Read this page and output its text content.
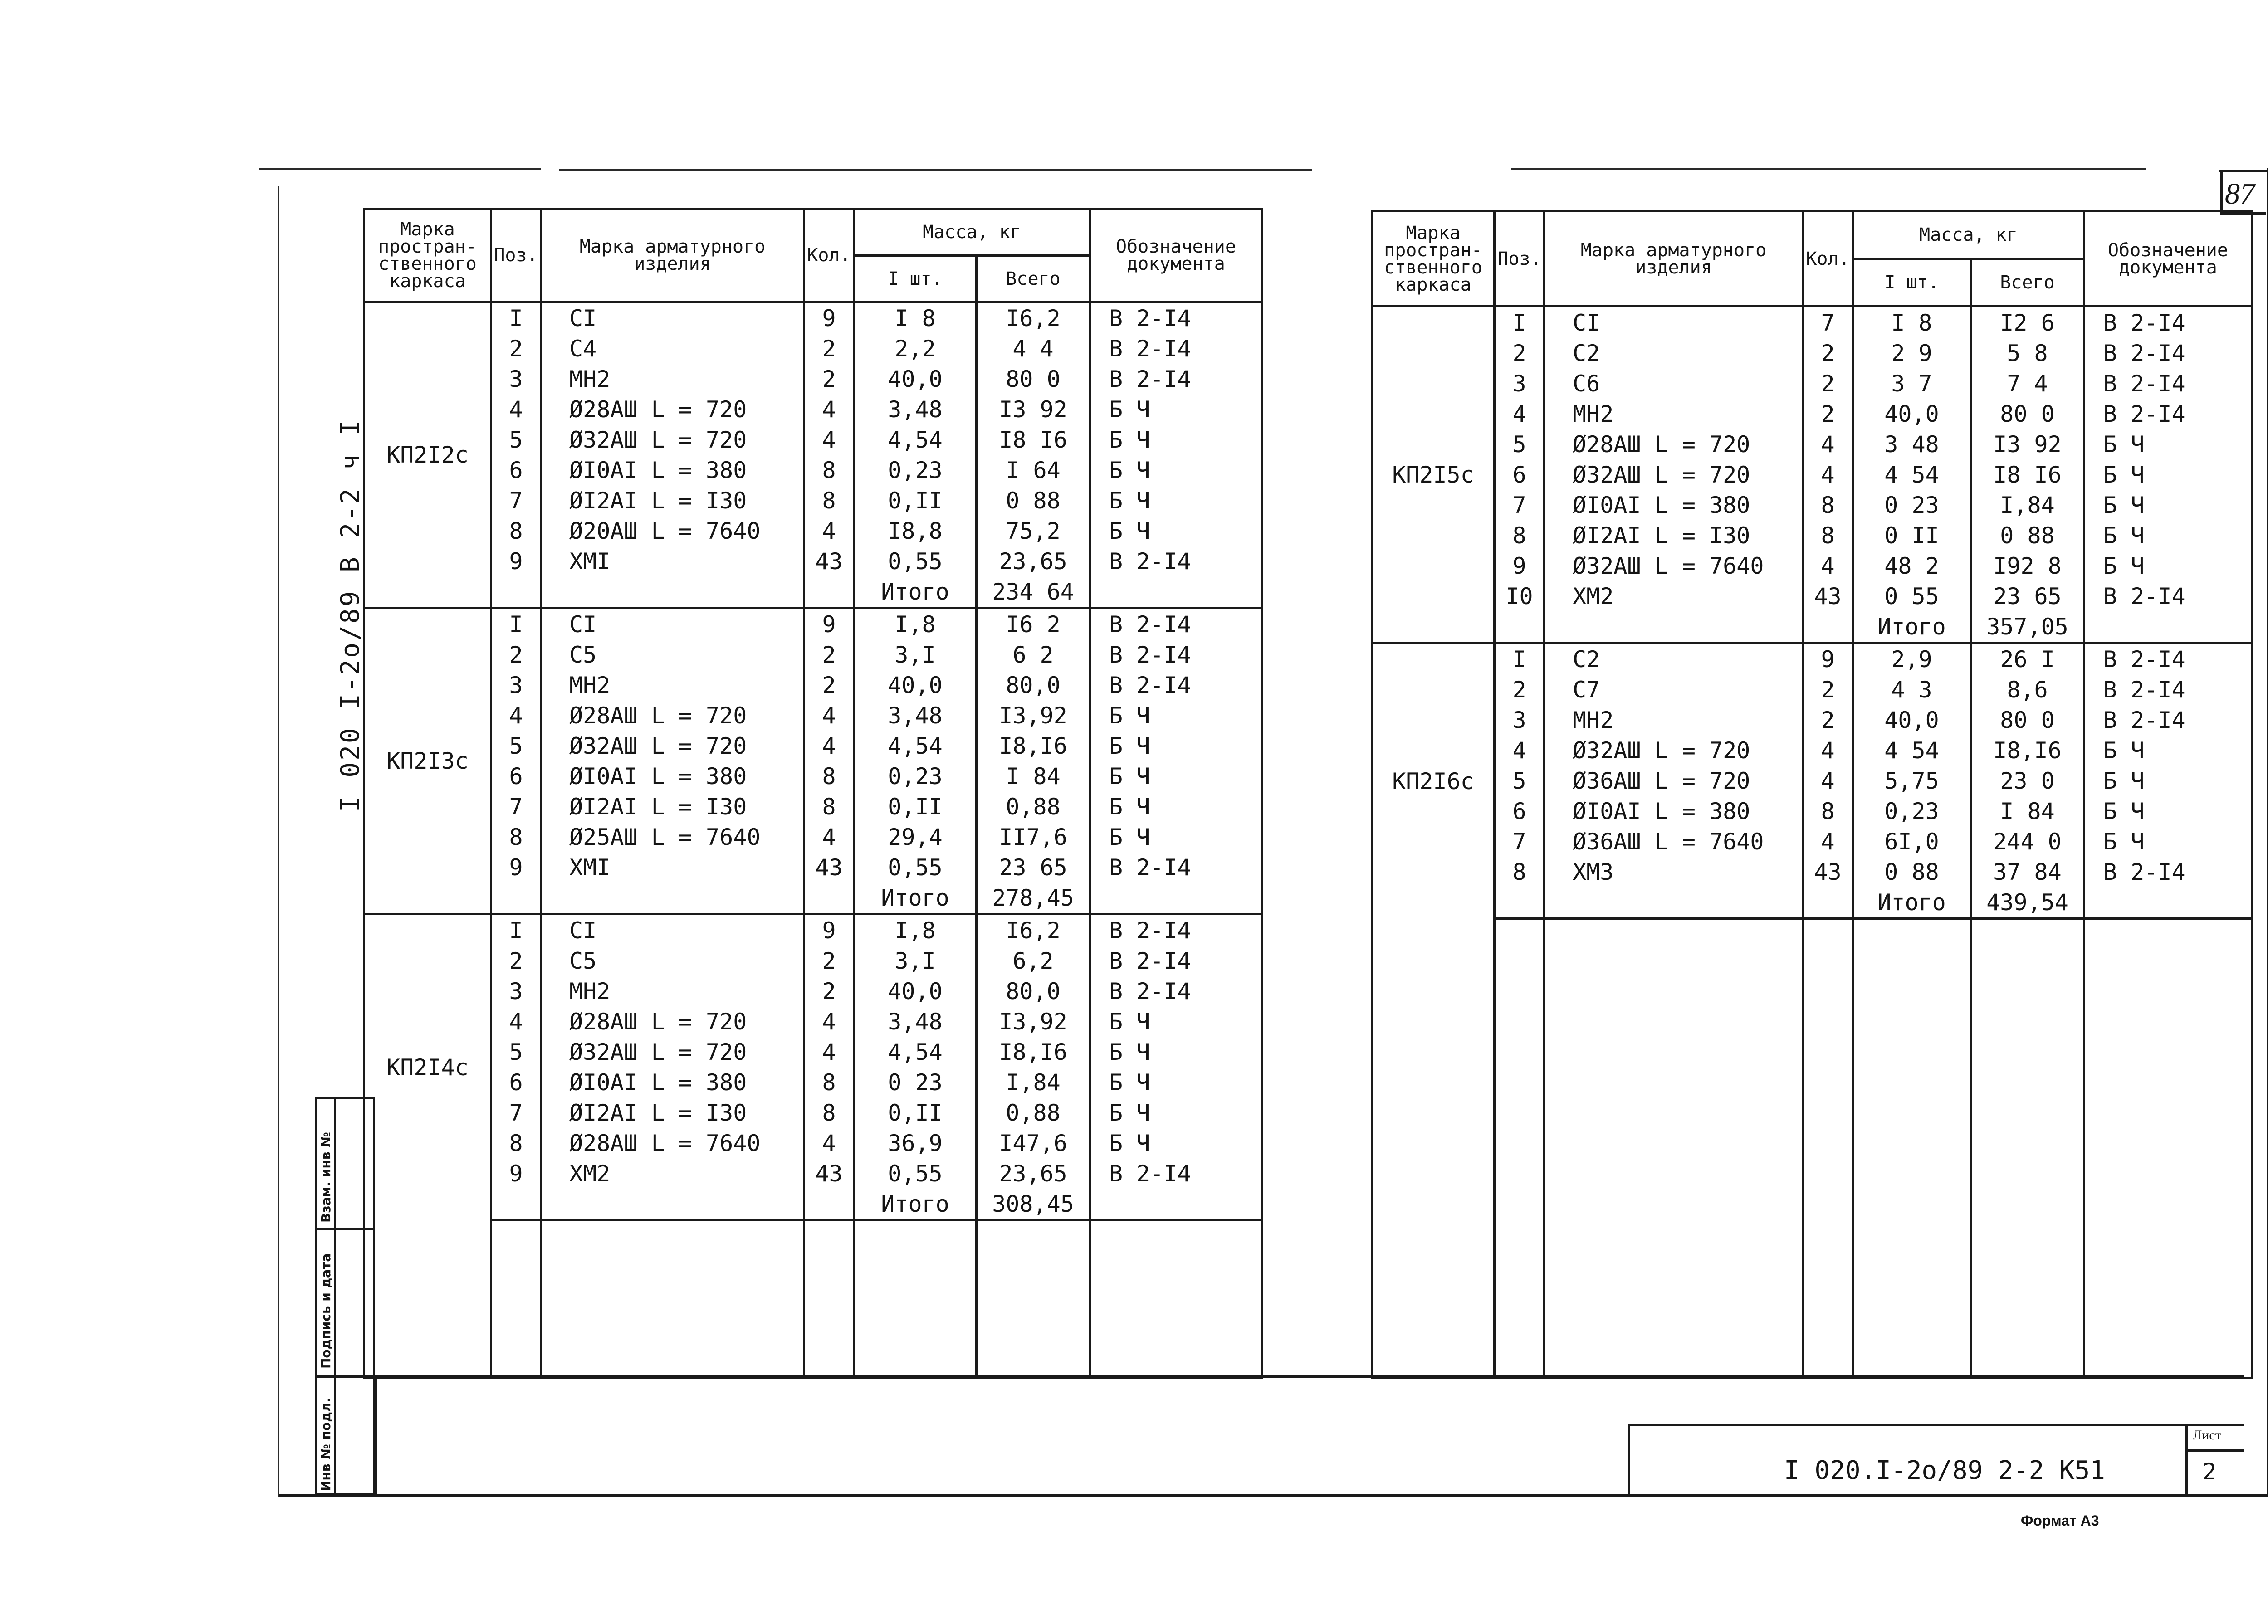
87
Марка простран-ственного каркаса	Поз.	Марка арматурного изделия	Кол.	Масса, кг		Обозначение документа
				I шт.	Всего	
КП2I2с	I	CI	9	I 8	I6,2	В 2-I4
	2	C4	2	2,2	4 4	В 2-I4
	3	МН2	2	40,0	80 0	В 2-I4
	4	Ø28АШ L = 720	4	3,48	I3 92	Б Ч
	5	Ø32АШ L = 720	4	4,54	I8 I6	Б Ч
	6	ØI0АI L = 380	8	0,23	I 64	Б Ч
	7	ØI2АI L = I30	8	0,II	0 88	Б Ч
	8	Ø20АШ L = 7640	4	I8,8	75,2	Б Ч
	9	ХМI	43	0,55	23,65	В 2-I4
				Итого	234 64	
КП2I3с	I	CI	9	I,8	I6 2	В 2-I4
	2	C5	2	3,I	6 2	В 2-I4
	3	МН2	2	40,0	80,0	В 2-I4
	4	Ø28АШ L = 720	4	3,48	I3,92	Б Ч
	5	Ø32АШ L = 720	4	4,54	I8,I6	Б Ч
	6	ØI0АI L = 380	8	0,23	I 84	Б Ч
	7	ØI2АI L = I30	8	0,II	0,88	Б Ч
	8	Ø25АШ L = 7640	4	29,4	II7,6	Б Ч
	9	ХМI	43	0,55	23 65	В 2-I4
				Итого	278,45	
КП2I4с	I	CI	9	I,8	I6,2	В 2-I4
	2	C5	2	3,I	6,2	В 2-I4
	3	МН2	2	40,0	80,0	В 2-I4
	4	Ø28АШ L = 720	4	3,48	I3,92	Б Ч
	5	Ø32АШ L = 720	4	4,54	I8,I6	Б Ч
	6	ØI0АI L = 380	8	0 23	I,84	Б Ч
	7	ØI2АI L = I30	8	0,II	0,88	Б Ч
	8	Ø28АШ L = 7640	4	36,9	I47,6	Б Ч
	9	ХМ2	43	0,55	23,65	В 2-I4
				Итого	308,45	

Марка простран-ственного каркаса	Поз.	Марка арматурного изделия	Кол.	Масса, кг		Обозначение документа
				I шт.	Всего	
КП2I5с	I	CI	7	I 8	I2 6	В 2-I4
	2	C2	2	2 9	5 8	В 2-I4
	3	C6	2	3 7	7 4	В 2-I4
	4	МН2	2	40,0	80 0	В 2-I4
	5	Ø28АШ L = 720	4	3 48	I3 92	Б Ч
	6	Ø32АШ L = 720	4	4 54	I8 I6	Б Ч
	7	ØI0АI L = 380	8	0 23	I,84	Б Ч
	8	ØI2АI L = I30	8	0 II	0 88	Б Ч
	9	Ø32АШ L = 7640	4	48 2	I92 8	Б Ч
	I0	ХМ2	43	0 55	23 65	В 2-I4
				Итого	357,05	
КП2I6с	I	C2	9	2,9	26 I	В 2-I4
	2	C7	2	4 3	8,6	В 2-I4
	3	МН2	2	40,0	80 0	В 2-I4
	4	Ø32АШ L = 720	4	4 54	I8,I6	Б Ч
	5	Ø36АШ L = 720	4	5,75	23 0	Б Ч
	6	ØI0АI L = 380	8	0,23	I 84	Б Ч
	7	Ø36АШ L = 7640	4	6I,0	244 0	Б Ч
	8	ХМ3	43	0 88	37 84	В 2-I4
				Итого	439,54	

I 020 I-2o/89 B 2-2 ч I
Инв № подл.
Подпись и дата
Взам. инв №
I 020.I-2o/89 2-2 K51
Лист
2
Формат А3
